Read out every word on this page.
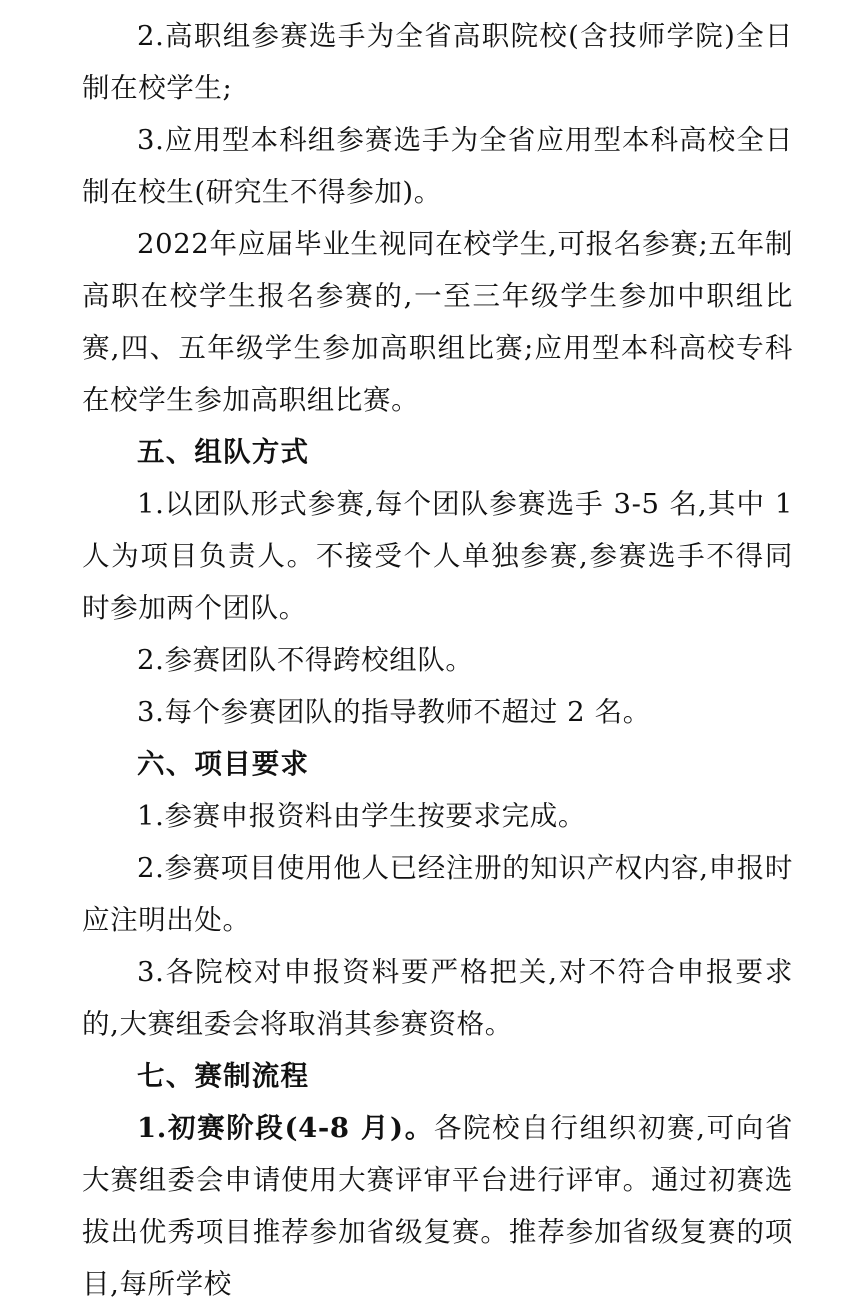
2.高职组参赛选手为全省高职院校(含技师学院)全日制在校学生;

3.应用型本科组参赛选手为全省应用型本科高校全日制在校生(研究生不得参加)。

2022年应届毕业生视同在校学生,可报名参赛;五年制高职在校学生报名参赛的,一至三年级学生参加中职组比赛,四、五年级学生参加高职组比赛;应用型本科高校专科在校学生参加高职组比赛。

五、组队方式

1.以团队形式参赛,每个团队参赛选手 3-5 名,其中 1 人为项目负责人。不接受个人单独参赛,参赛选手不得同时参加两个团队。

2.参赛团队不得跨校组队。

3.每个参赛团队的指导教师不超过 2 名。

六、项目要求

1.参赛申报资料由学生按要求完成。

2.参赛项目使用他人已经注册的知识产权内容,申报时应注明出处。

3.各院校对申报资料要严格把关,对不符合申报要求的,大赛组委会将取消其参赛资格。

七、赛制流程

1.初赛阶段(4-8 月)。各院校自行组织初赛,可向省大赛组委会申请使用大赛评审平台进行评审。通过初赛选拔出优秀项目推荐参加省级复赛。推荐参加省级复赛的项目,每所学校
